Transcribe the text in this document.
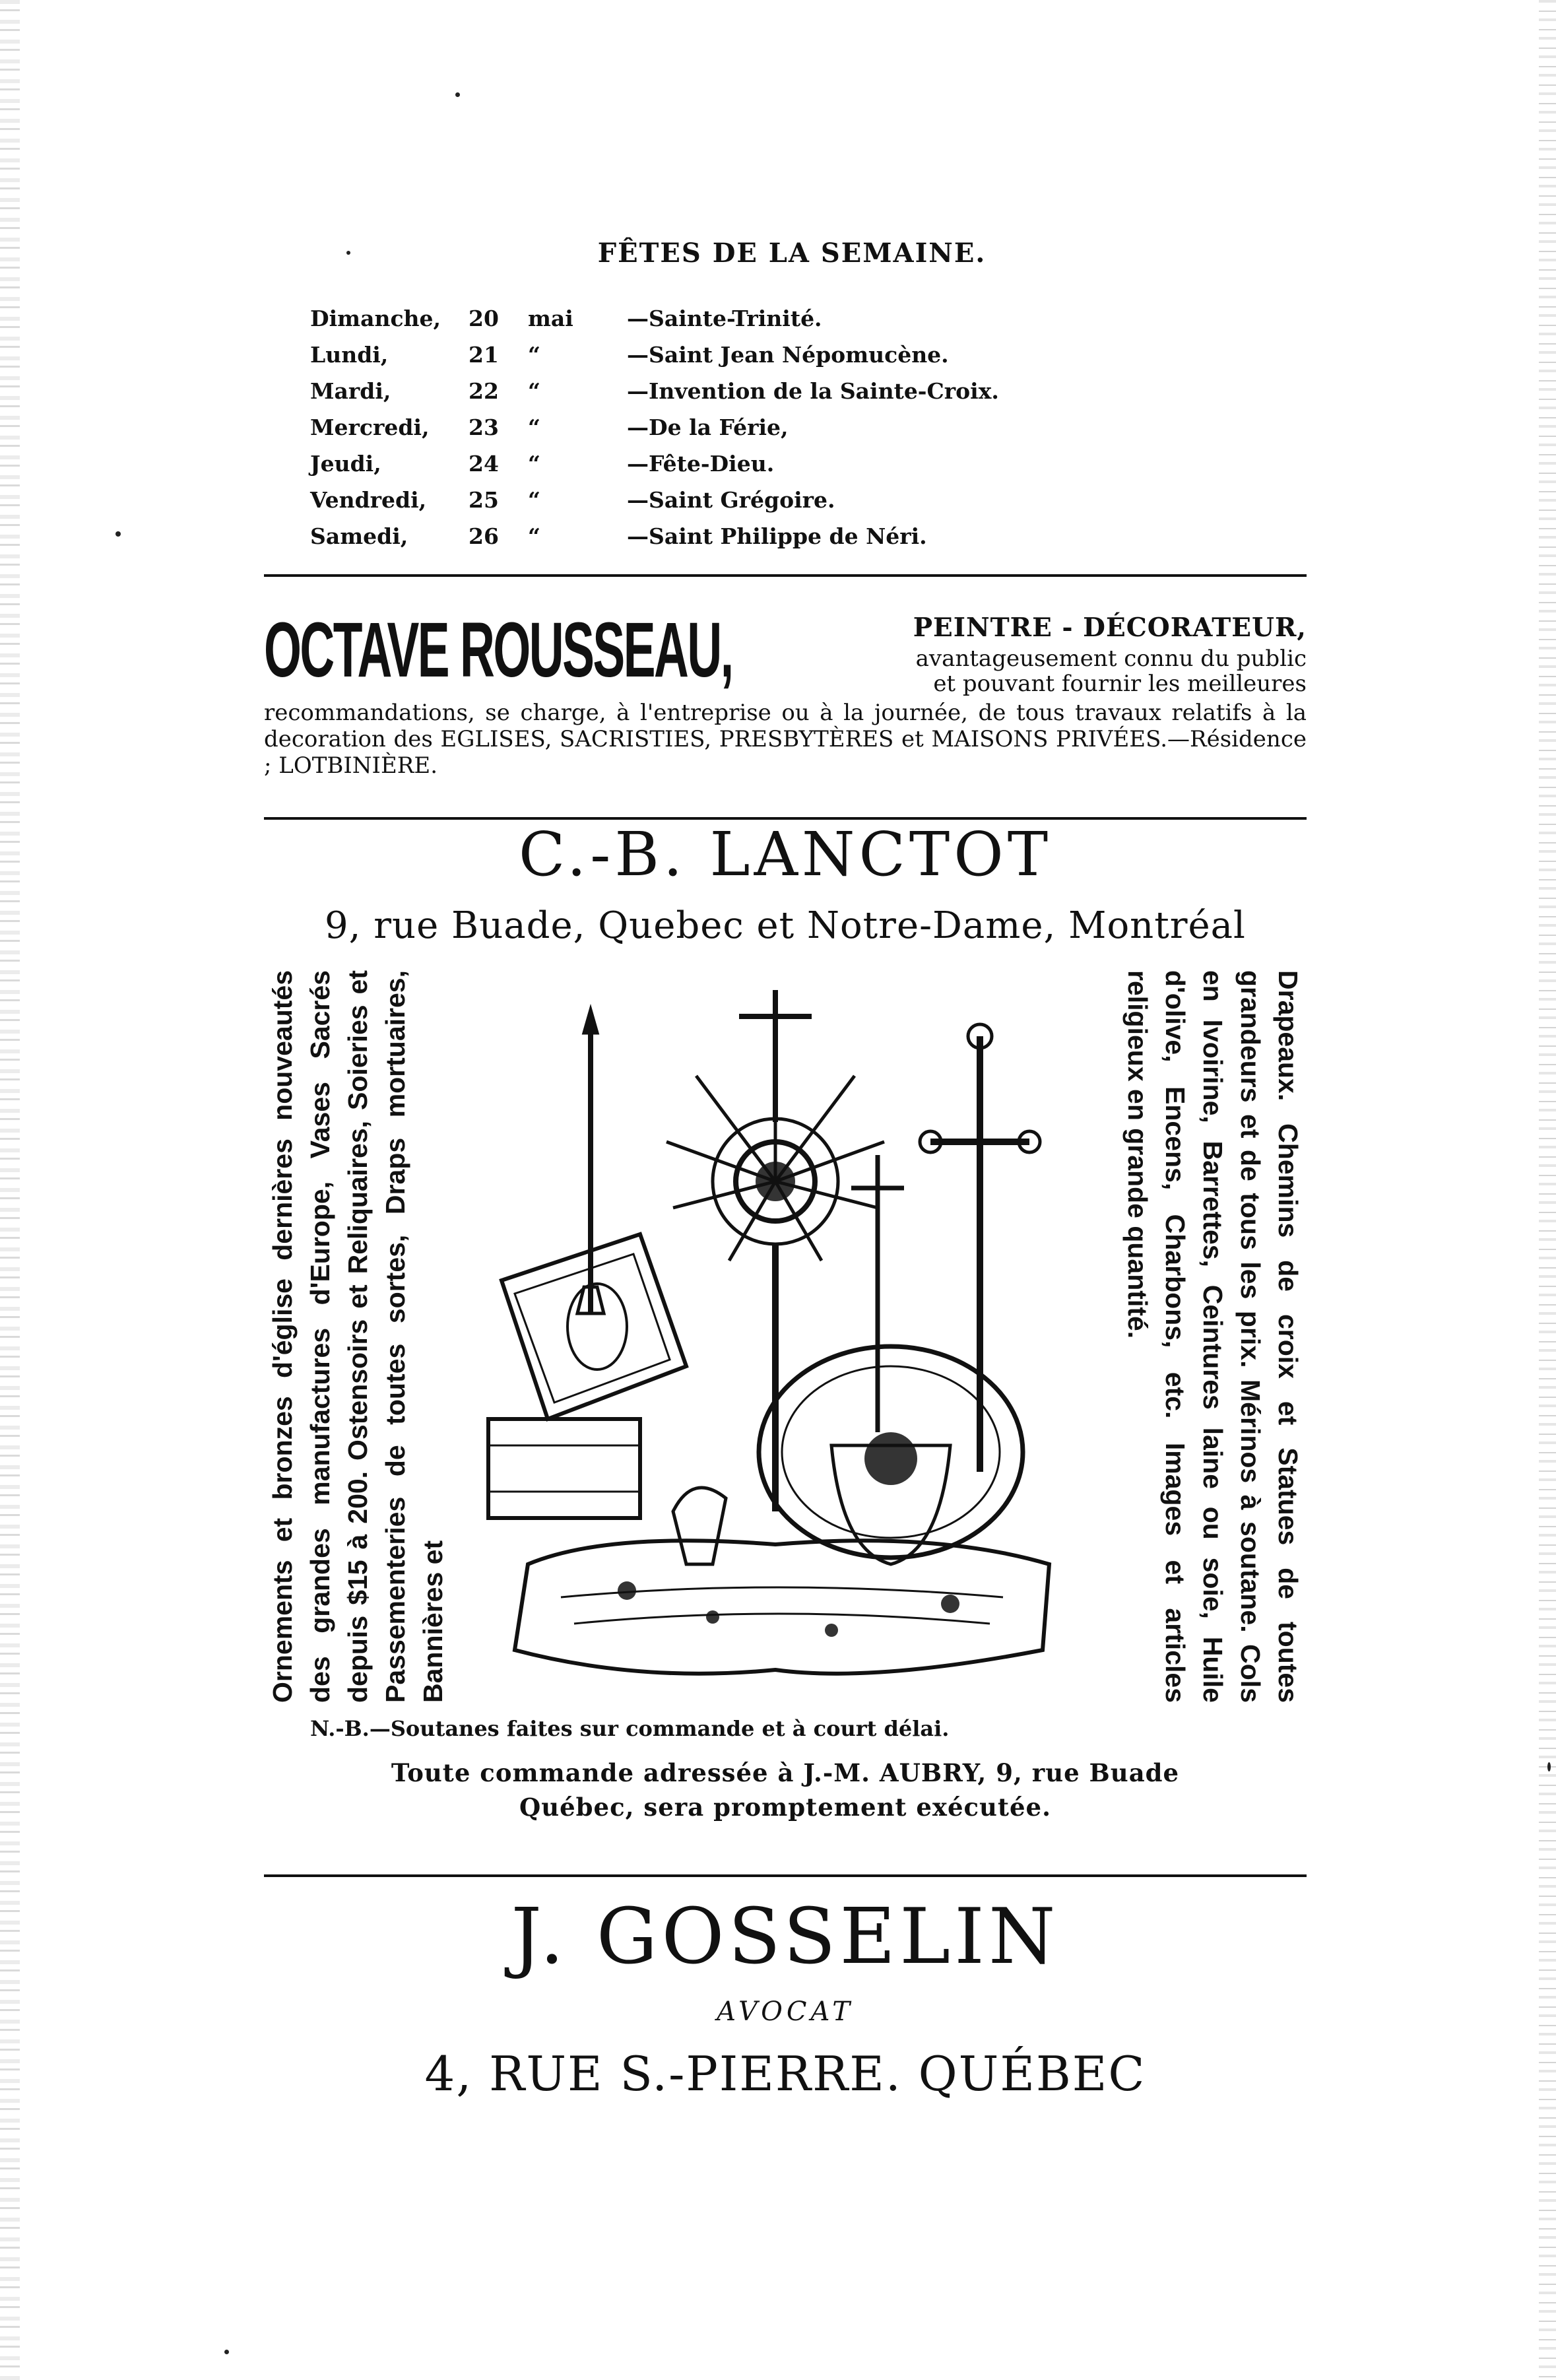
FÊTES DE LA SEMAINE.
Dimanche,	20	mai	—Sainte-Trinité.
Lundi,	21	“	—Saint Jean Népomucène.
Mardi,	22	“	—Invention de la Sainte-Croix.
Mercredi,	23	“	—De la Férie,
Jeudi,	24	“	—Fête-Dieu.
Vendredi,	25	“	—Saint Grégoire.
Samedi,	26	“	—Saint Philippe de Néri.
OCTAVE ROUSSEAU,	PEINTRE - DÉCORATEUR,
avantageusement connu du public
et pouvant fournir les meilleures
recommandations, se charge, à l'entreprise ou à la journée, de tous travaux relatifs à la decoration des EGLISES, SACRISTIES, PRESBYTÈRES et MAISONS PRIVÉES.—Résidence ; LOTBINIÈRE.
C.-B. LANCTOT
9, rue Buade, Quebec et Notre-Dame, Montréal
Ornements et bronzes d'église dernières nouveautés des grandes manufactures d'Europe, Vases Sacrés depuis $15 à 200. Ostensoirs et Reliquaires, Soieries et Passementeries de toutes sortes, Draps mortuaires, Bannières et	Drapeaux. Chemins de croix et Statues de toutes grandeurs et de tous les prix. Mérinos à soutane. Cols en Ivoirine, Barrettes, Ceintures laine ou soie, Huile d'olive, Encens, Charbons, etc. Images et articles religieux en grande quantité.
N.-B.—Soutanes faites sur commande et à court délai.
Toute commande adressée à J.-M. AUBRY, 9, rue Buade
Québec, sera promptement exécutée.
J. GOSSELIN
AVOCAT
4, RUE S.-PIERRE. QUÉBEC
